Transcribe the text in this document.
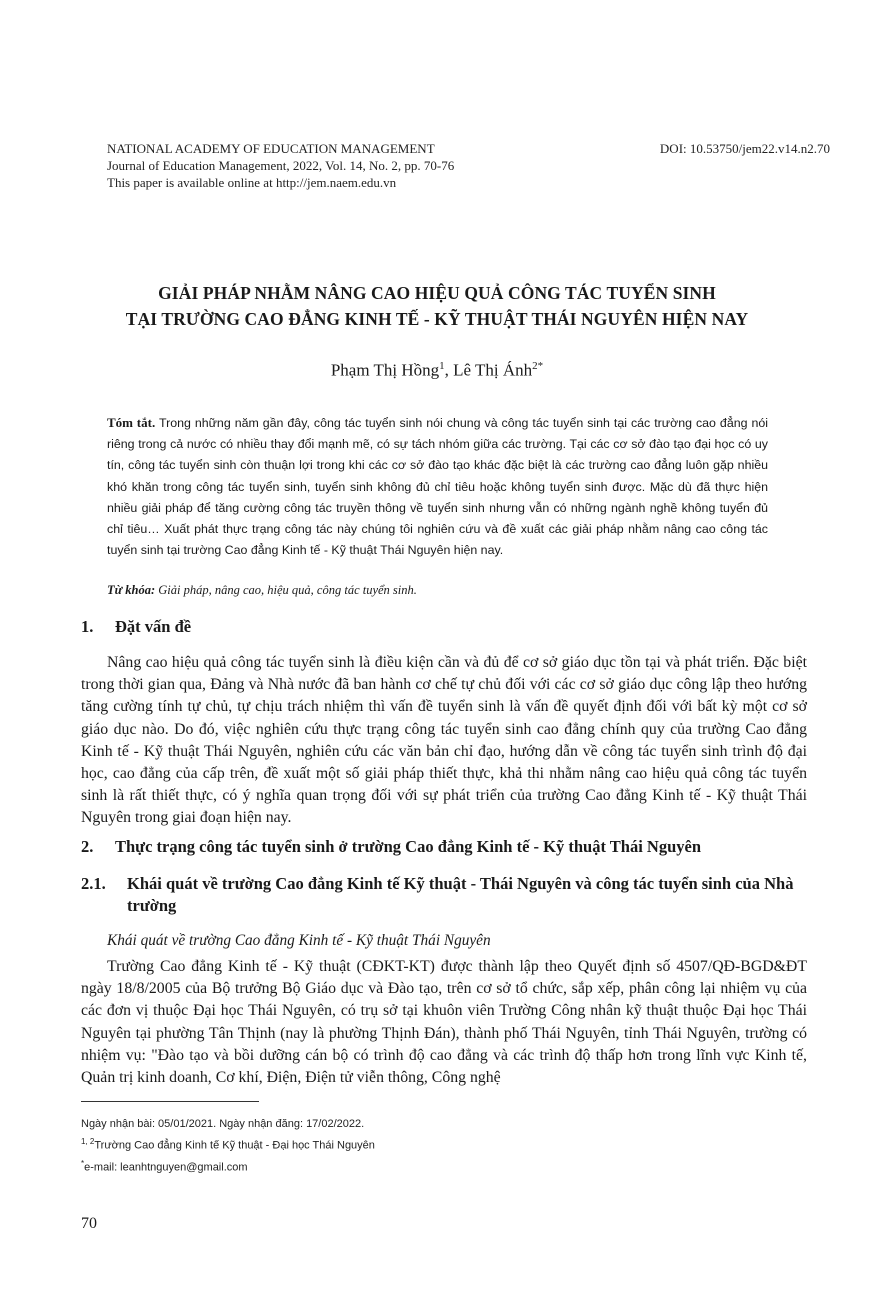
NATIONAL ACADEMY OF EDUCATION MANAGEMENT
Journal of Education Management, 2022, Vol. 14, No. 2, pp. 70-76
This paper is available online at http://jem.naem.edu.vn
DOI: 10.53750/jem22.v14.n2.70
GIẢI PHÁP NHẰM NÂNG CAO HIỆU QUẢ CÔNG TÁC TUYỂN SINH
TẠI TRƯỜNG CAO ĐẲNG KINH TẾ - KỸ THUẬT THÁI NGUYÊN HIỆN NAY
Phạm Thị Hồng$^1$, Lê Thị Ánh$^{2*}$
Tóm tắt. Trong những năm gần đây, công tác tuyển sinh nói chung và công tác tuyển sinh tại các trường cao đẳng nói riêng trong cả nước có nhiều thay đổi mạnh mẽ, có sự tách nhóm giữa các trường. Tại các cơ sở đào tạo đại học có uy tín, công tác tuyển sinh còn thuận lợi trong khi các cơ sở đào tạo khác đặc biệt là các trường cao đẳng luôn gặp nhiều khó khăn trong công tác tuyển sinh, tuyển sinh không đủ chỉ tiêu hoặc không tuyển sinh được. Mặc dù đã thực hiện nhiều giải pháp để tăng cường công tác truyền thông về tuyển sinh nhưng vẫn có những ngành nghề không tuyển đủ chỉ tiêu… Xuất phát thực trạng công tác này chúng tôi nghiên cứu và đề xuất các giải pháp nhằm nâng cao công tác tuyển sinh tại trường Cao đẳng Kinh tế - Kỹ thuật Thái Nguyên hiện nay.
Từ khóa: Giải pháp, nâng cao, hiệu quả, công tác tuyển sinh.
1. Đặt vấn đề
Nâng cao hiệu quả công tác tuyển sinh là điều kiện cần và đủ để cơ sở giáo dục tồn tại và phát triển. Đặc biệt trong thời gian qua, Đảng và Nhà nước đã ban hành cơ chế tự chủ đối với các cơ sở giáo dục công lập theo hướng tăng cường tính tự chủ, tự chịu trách nhiệm thì vấn đề tuyển sinh là vấn đề quyết định đối với bất kỳ một cơ sở giáo dục nào. Do đó, việc nghiên cứu thực trạng công tác tuyển sinh cao đẳng chính quy của trường Cao đẳng Kinh tế - Kỹ thuật Thái Nguyên, nghiên cứu các văn bản chỉ đạo, hướng dẫn về công tác tuyển sinh trình độ đại học, cao đẳng của cấp trên, đề xuất một số giải pháp thiết thực, khả thi nhằm nâng cao hiệu quả công tác tuyển sinh là rất thiết thực, có ý nghĩa quan trọng đối với sự phát triển của trường Cao đẳng Kinh tế - Kỹ thuật Thái Nguyên trong giai đoạn hiện nay.
2. Thực trạng công tác tuyển sinh ở trường Cao đẳng Kinh tế - Kỹ thuật Thái Nguyên
2.1. Khái quát về trường Cao đẳng Kinh tế Kỹ thuật - Thái Nguyên và công tác tuyển sinh của Nhà trường
Khái quát về trường Cao đẳng Kinh tế - Kỹ thuật Thái Nguyên
Trường Cao đẳng Kinh tế - Kỹ thuật (CĐKT-KT) được thành lập theo Quyết định số 4507/QĐ-BGD&ĐT ngày 18/8/2005 của Bộ trưởng Bộ Giáo dục và Đào tạo, trên cơ sở tổ chức, sắp xếp, phân công lại nhiệm vụ của các đơn vị thuộc Đại học Thái Nguyên, có trụ sở tại khuôn viên Trường Công nhân kỹ thuật thuộc Đại học Thái Nguyên tại phường Tân Thịnh (nay là phường Thịnh Đán), thành phố Thái Nguyên, tỉnh Thái Nguyên, trường có nhiệm vụ: "Đào tạo và bồi dưỡng cán bộ có trình độ cao đẳng và các trình độ thấp hơn trong lĩnh vực Kinh tế, Quản trị kinh doanh, Cơ khí, Điện, Điện tử viễn thông, Công nghệ
Ngày nhận bài: 05/01/2021. Ngày nhận đăng: 17/02/2022.
$^{1, 2}$Trường Cao đẳng Kinh tế Kỹ thuật - Đại học Thái Nguyên
*e-mail: leanhtnguyen@gmail.com
70
